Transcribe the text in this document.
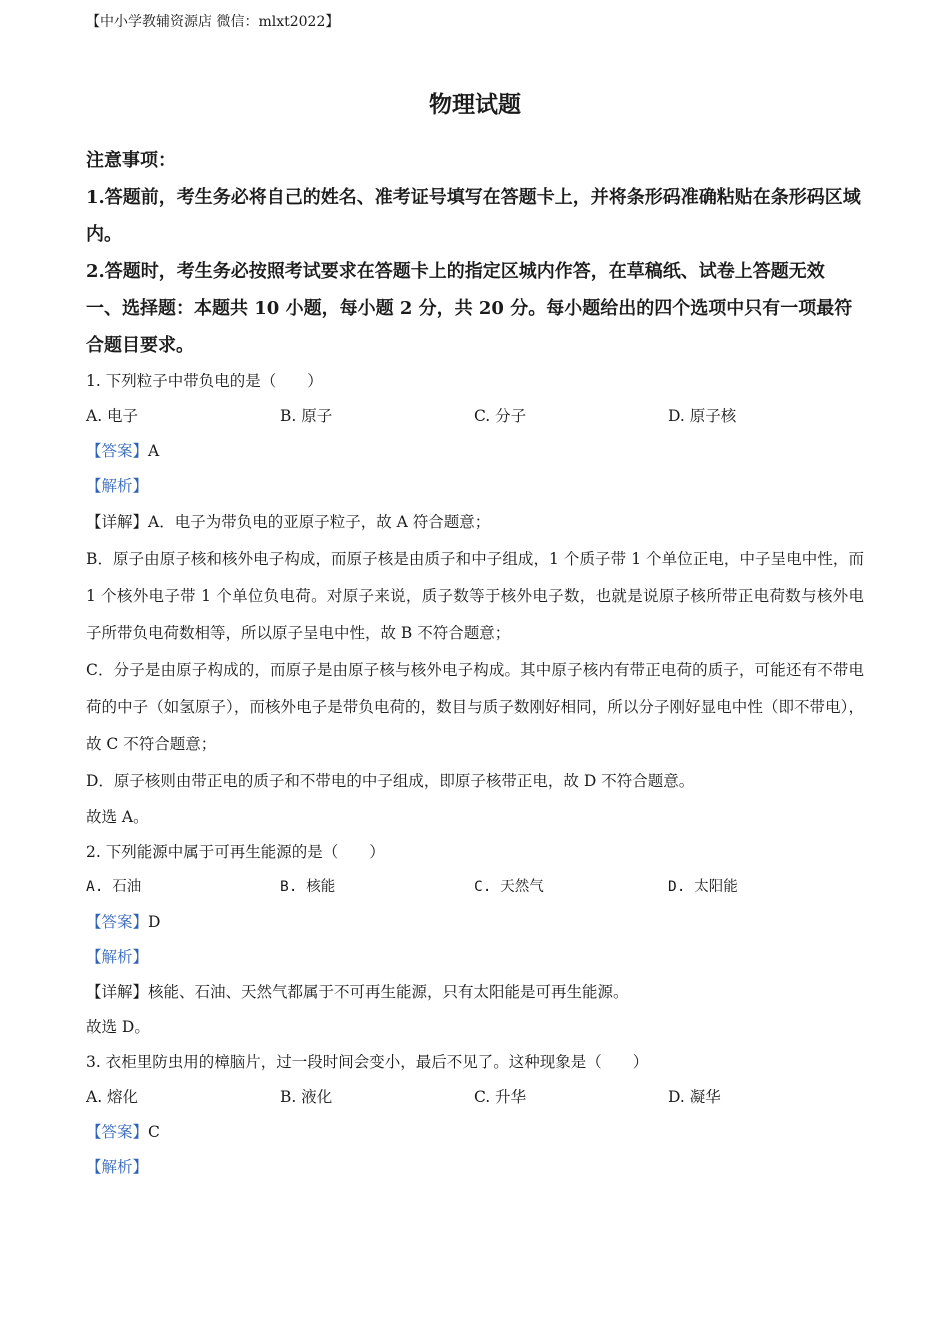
【中小学教辅资源店 微信：mlxt2022】
物理试题
注意事项：
1.答题前，考生务必将自己的姓名、准考证号填写在答题卡上，并将条形码准确粘贴在条形码区域内。
2.答题时，考生务必按照考试要求在答题卡上的指定区城内作答，在草稿纸、试卷上答题无效
一、选择题：本题共 10 小题，每小题 2 分，共 20 分。每小题给出的四个选项中只有一项最符合题目要求。
1. 下列粒子中带负电的是（　　）
A. 电子	B. 原子	C. 分子	D. 原子核
【答案】A
【解析】
【详解】A．电子为带负电的亚原子粒子，故 A 符合题意；
B．原子由原子核和核外电子构成，而原子核是由质子和中子组成，1 个质子带 1 个单位正电，中子呈电中性，而 1 个核外电子带 1 个单位负电荷。对原子来说，质子数等于核外电子数，也就是说原子核所带正电荷数与核外电子所带负电荷数相等，所以原子呈电中性，故 B 不符合题意；
C．分子是由原子构成的，而原子是由原子核与核外电子构成。其中原子核内有带正电荷的质子，可能还有不带电荷的中子（如氢原子），而核外电子是带负电荷的，数目与质子数刚好相同，所以分子刚好显电中性（即不带电），故 C 不符合题意；
D．原子核则由带正电的质子和不带电的中子组成，即原子核带正电，故 D 不符合题意。
故选 A。
2. 下列能源中属于可再生能源的是（　　）
A. 石油	B. 核能	C. 天然气	D. 太阳能
【答案】D
【解析】
【详解】核能、石油、天然气都属于不可再生能源，只有太阳能是可再生能源。
故选 D。
3. 衣柜里防虫用的樟脑片，过一段时间会变小，最后不见了。这种现象是（　　）
A. 熔化	B. 液化	C. 升华	D. 凝华
【答案】C
【解析】
